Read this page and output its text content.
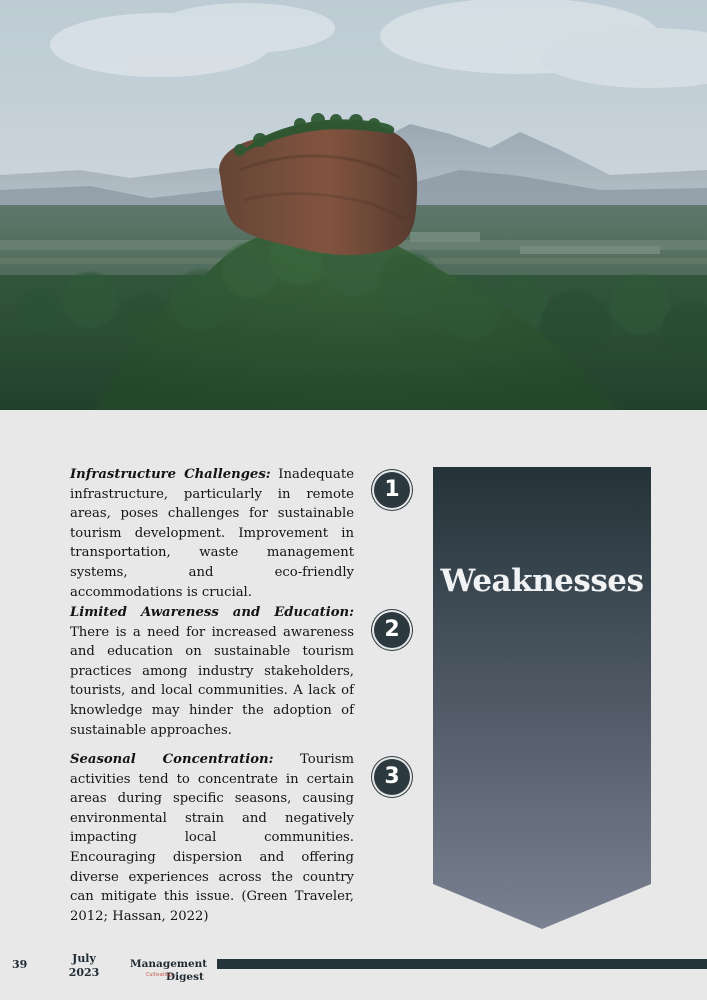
Infrastructure Challenges: Inadequate infrastructure, particularly in remote areas, poses challenges for sustainable tourism development. Improvement in transportation, waste management systems, and eco-friendly accommodations is crucial.
Limited Awareness and Education: There is a need for increased awareness and education on sustainable tourism practices among industry stakeholders, tourists, and local communities. A lack of knowledge may hinder the adoption of sustainable approaches.
Seasonal Concentration: Tourism activities tend to concentrate in certain areas during specific seasons, causing environmental strain and negatively impacting local communities. Encouraging dispersion and offering diverse experiences across the country can mitigate this issue. (Green Traveler, 2012; Hassan, 2022)
1
2
3
Weaknesses
39	July
2023
Management
Digest
Cultivating
